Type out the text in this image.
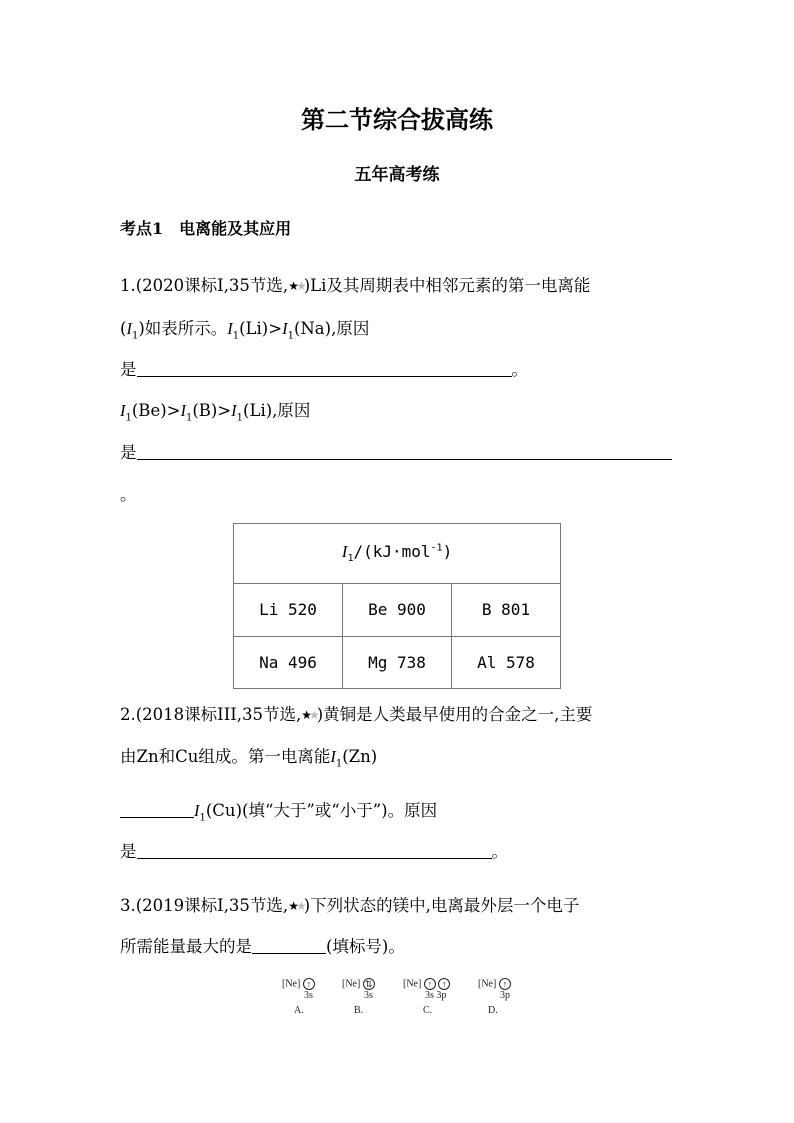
第二节综合拔高练
五年高考练
考点1　电离能及其应用
1.(2020课标Ⅰ,35节选,★★)Li及其周期表中相邻元素的第一电离能
$(I_1)$如表所示。$I_1(Li)>I_1(Na)$,原因
是	。
$I_1(Be)>I_1(B)>I_1(Li)$,原因
是
。
$I_1/(kJ\cdot mol^{-1})$		
Li 520	Be 900	B 801
Na 496	Mg 738	Al 578
2.(2018课标III,35节选,★★)黄铜是人类最早使用的合金之一,主要
由Zn和Cu组成。第一电离能$I_1(Zn)$
$I_1(Cu)$(填“大于”或“小于”)。原因
是	。
3.(2019课标Ⅰ,35节选,★★)下列状态的镁中,电离最外层一个电子
所需能量最大的是	(填标号)。
[Ne] ↑
3s
A.
[Ne] ⇅
3s
B.
[Ne] ↑ ↑
3s 3p
C.
[Ne] ↑
3p
D.
